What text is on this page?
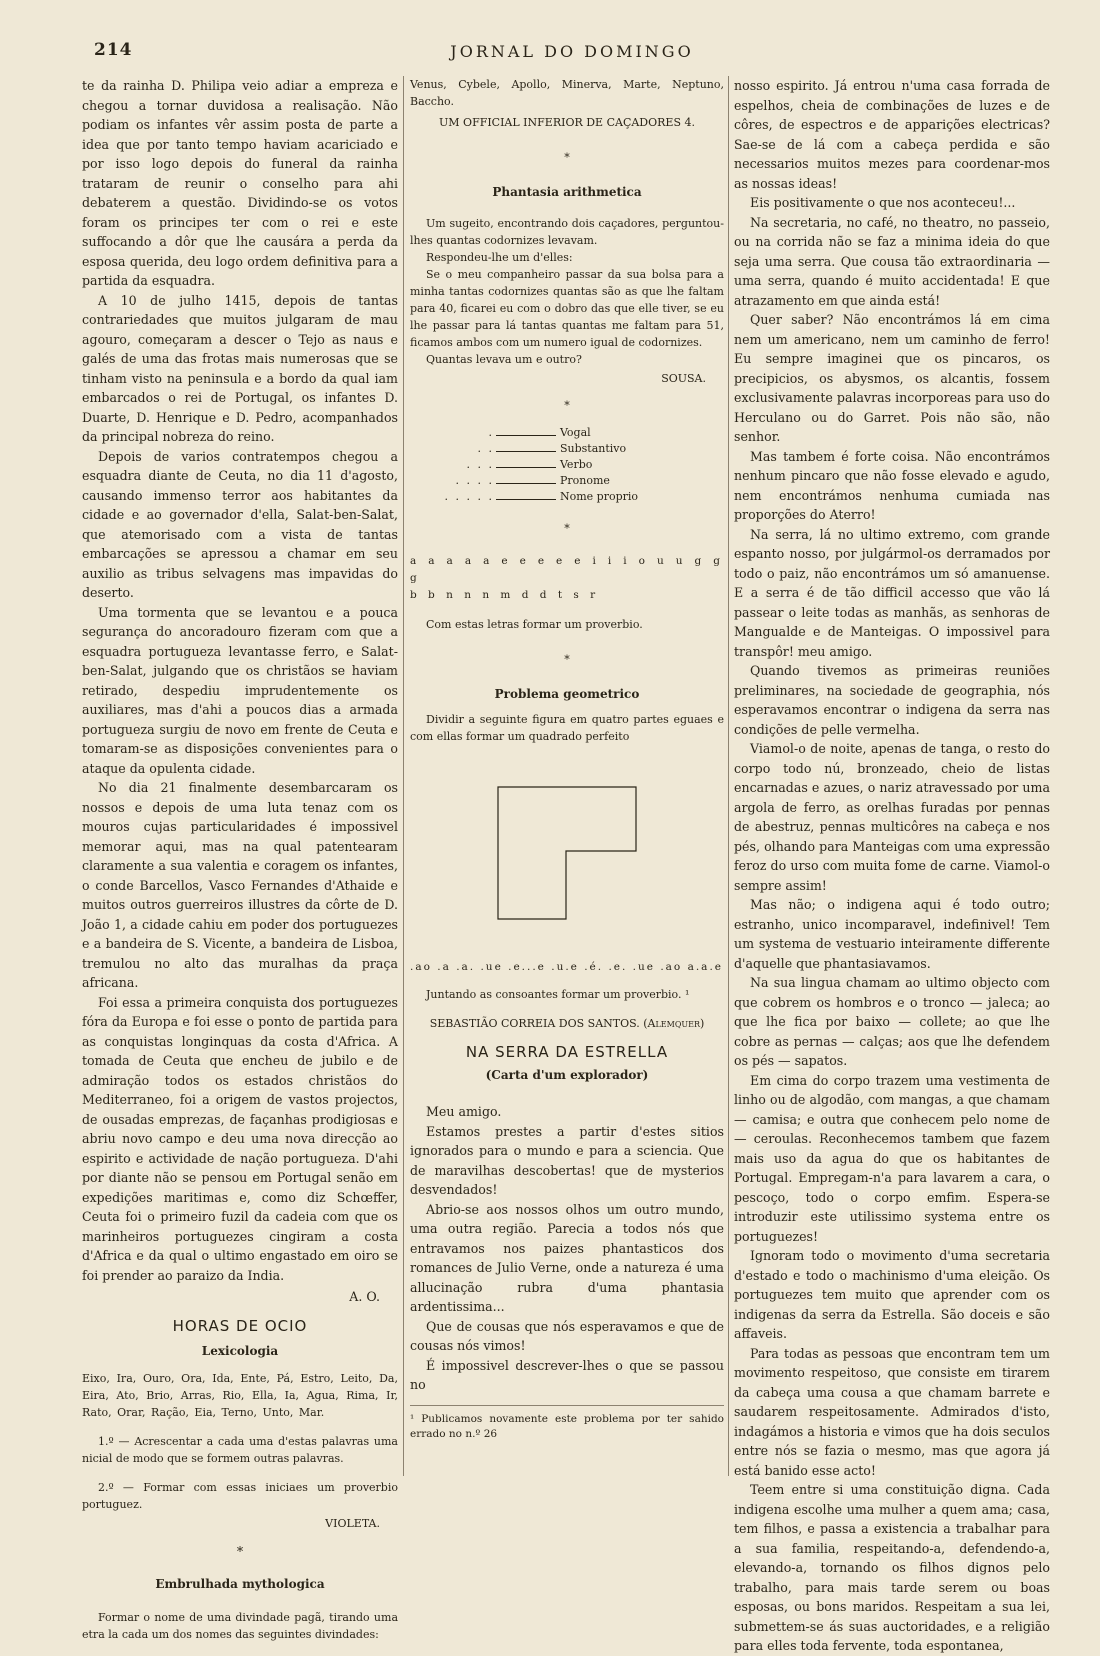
214	JORNAL DO DOMINGO

te da rainha D. Philipa veio adiar a empreza e chegou a tornar duvidosa a realisação. Não podiam os infantes vêr assim posta de parte a idea que por tanto tempo haviam acariciado e por isso logo depois do funeral da rainha trataram de reunir o conselho para ahi debaterem a questão. Dividindo-se os votos foram os principes ter com o rei e este suffocando a dôr que lhe causára a perda da esposa querida, deu logo ordem definitiva para a partida da esquadra.

A 10 de julho 1415, depois de tantas contrariedades que muitos julgaram de mau agouro, começaram a descer o Tejo as naus e galés de uma das frotas mais numerosas que se tinham visto na peninsula e a bordo da qual iam embarcados o rei de Portugal, os infantes D. Duarte, D. Henrique e D. Pedro, acompanhados da principal nobreza do reino.

Depois de varios contratempos chegou a esquadra diante de Ceuta, no dia 11 d'agosto, causando immenso terror aos habitantes da cidade e ao governador d'ella, Salat-ben-Salat, que atemorisado com a vista de tantas embarcações se apressou a chamar em seu auxilio as tribus selvagens mas impavidas do deserto.

Uma tormenta que se levantou e a pouca segurança do ancoradouro fizeram com que a esquadra portugueza levantasse ferro, e Salat-ben-Salat, julgando que os christãos se haviam retirado, despediu imprudentemente os auxiliares, mas d'ahi a poucos dias a armada portugueza surgiu de novo em frente de Ceuta e tomaram-se as disposições convenientes para o ataque da opulenta cidade.

No dia 21 finalmente desembarcaram os nossos e depois de uma luta tenaz com os mouros cujas particularidades é impossivel memorar aqui, mas na qual patentearam claramente a sua valentia e coragem os infantes, o conde Barcellos, Vasco Fernandes d'Athaide e muitos outros guerreiros illustres da côrte de D. João 1, a cidade cahiu em poder dos portuguezes e a bandeira de S. Vicente, a bandeira de Lisboa, tremulou no alto das muralhas da praça africana.

Foi essa a primeira conquista dos portuguezes fóra da Europa e foi esse o ponto de partida para as conquistas longinquas da costa d'Africa. A tomada de Ceuta que encheu de jubilo e de admiração todos os estados christãos do Mediterraneo, foi a origem de vastos projectos, de ousadas emprezas, de façanhas prodigiosas e abriu novo campo e deu uma nova direcção ao espirito e actividade de nação portugueza. D'ahi por diante não se pensou em Portugal senão em expedições maritimas e, como diz Schœffer, Ceuta foi o primeiro fuzil da cadeia com que os marinheiros portuguezes cingiram a costa d'Africa e da qual o ultimo engastado em oiro se foi prender ao paraizo da India.

A. O.
HORAS DE OCIO
Lexicologia

Eixo, Ira, Ouro, Ora, Ida, Ente, Pá, Estro, Leito, Da, Eira, Ato, Brio, Arras, Rio, Ella, Ia, Agua, Rima, Ir, Rato, Orar, Ração, Eia, Terno, Unto, Mar.

1.º — Acrescentar a cada uma d'estas palavras uma nicial de modo que se formem outras palavras.

2.º — Formar com essas iniciaes um proverbio portuguez.

VIOLETA.
*
Embrulhada mythologica

Formar o nome de uma divindade pagã, tirando uma etra la cada um dos nomes das seguintes divindades:

Venus, Cybele, Apollo, Minerva, Marte, Neptuno, Baccho.

UM OFFICIAL INFERIOR DE CAÇADORES 4.
*
Phantasia arithmetica

Um sugeito, encontrando dois caçadores, perguntou-lhes quantas codornizes levavam.

Respondeu-lhe um d'elles:

Se o meu companheiro passar da sua bolsa para a minha tantas codornizes quantas são as que lhe faltam para 40, ficarei eu com o dobro das que elle tiver, se eu lhe passar para lá tantas quantas me faltam para 51, ficamos ambos com um numero igual de codornizes.

Quantas levava um e outro?

SOUSA.
*
.	Vogal
. .	Substantivo
. . .	Verbo
. . . .	Pronome
. . . . .	Nome proprio
*
a a a a a e e e e e i i i o u u g g g
b b n n n m d d t s r

Com estas letras formar um proverbio.

*
Problema geometrico

Dividir a seguinte figura em quatro partes eguaes e com ellas formar um quadrado perfeito

.ao .a .a. .ue .e...e .u.e .é. .e. .ue .ao a.a.e

Juntando as consoantes formar um proverbio. ¹

SEBASTIÃO CORREIA DOS SANTOS. (Alemquer)
NA SERRA DA ESTRELLA
(Carta d'um explorador)

Meu amigo.

Estamos prestes a partir d'estes sitios ignorados para o mundo e para a sciencia. Que de maravilhas descobertas! que de mysterios desvendados!

Abrio-se aos nossos olhos um outro mundo, uma outra região. Parecia a todos nós que entravamos nos paizes phantasticos dos romances de Julio Verne, onde a natureza é uma allucinação rubra d'uma phantasia ardentissima...

Que de cousas que nós esperavamos e que de cousas nós vimos!

É impossivel descrever-lhes o que se passou no

¹ Publicamos novamente este problema por ter sahido errado no n.º 26

nosso espirito. Já entrou n'uma casa forrada de espelhos, cheia de combinações de luzes e de côres, de espectros e de apparições electricas? Sae-se de lá com a cabeça perdida e são necessarios muitos mezes para coordenar-mos as nossas ideas!

Eis positivamente o que nos aconteceu!...

Na secretaria, no café, no theatro, no passeio, ou na corrida não se faz a minima ideia do que seja uma serra. Que cousa tão extraordinaria — uma serra, quando é muito accidentada! E que atrazamento em que ainda está!

Quer saber? Não encontrámos lá em cima nem um americano, nem um caminho de ferro! Eu sempre imaginei que os pincaros, os precipicios, os abysmos, os alcantis, fossem exclusivamente palavras incorporeas para uso do Herculano ou do Garret. Pois não são, não senhor.

Mas tambem é forte coisa. Não encontrámos nenhum pincaro que não fosse elevado e agudo, nem encontrámos nenhuma cumiada nas proporções do Aterro!

Na serra, lá no ultimo extremo, com grande espanto nosso, por julgármol-os derramados por todo o paiz, não encontrámos um só amanuense. E a serra é de tão difficil accesso que vão lá passear o leite todas as manhãs, as senhoras de Mangualde e de Manteigas. O impossivel para transpôr! meu amigo.

Quando tivemos as primeiras reuniões preliminares, na sociedade de geographia, nós esperavamos encontrar o indigena da serra nas condições de pelle vermelha.

Viamol-o de noite, apenas de tanga, o resto do corpo todo nú, bronzeado, cheio de listas encarnadas e azues, o nariz atravessado por uma argola de ferro, as orelhas furadas por pennas de abestruz, pennas multicôres na cabeça e nos pés, olhando para Manteigas com uma expressão feroz do urso com muita fome de carne. Viamol-o sempre assim!

Mas não; o indigena aqui é todo outro; estranho, unico incomparavel, indefinivel! Tem um systema de vestuario inteiramente differente d'aquelle que phantasiavamos.

Na sua lingua chamam ao ultimo objecto com que cobrem os hombros e o tronco — jaleca; ao que lhe fica por baixo — collete; ao que lhe cobre as pernas — calças; aos que lhe defendem os pés — sapatos.

Em cima do corpo trazem uma vestimenta de linho ou de algodão, com mangas, a que chamam — camisa; e outra que conhecem pelo nome de — ceroulas. Reconhecemos tambem que fazem mais uso da agua do que os habitantes de Portugal. Empregam-n'a para lavarem a cara, o pescoço, todo o corpo emfim. Espera-se introduzir este utilissimo systema entre os portuguezes!

Ignoram todo o movimento d'uma secretaria d'estado e todo o machinismo d'uma eleição. Os portuguezes tem muito que aprender com os indigenas da serra da Estrella. São doceis e são affaveis.

Para todas as pessoas que encontram tem um movimento respeitoso, que consiste em tirarem da cabeça uma cousa a que chamam barrete e saudarem respeitosamente. Admirados d'isto, indagámos a historia e vimos que ha dois seculos entre nós se fazia o mesmo, mas que agora já está banido esse acto!

Teem entre si uma constituição digna. Cada indigena escolhe uma mulher a quem ama; casa, tem filhos, e passa a existencia a trabalhar para a sua familia, respeitando-a, defendendo-a, elevando-a, tornando os filhos dignos pelo trabalho, para mais tarde serem ou boas esposas, ou bons maridos. Respeitam a sua lei, submettem-se ás suas auctoridades, e a religião para elles toda fervente, toda espontanea,
